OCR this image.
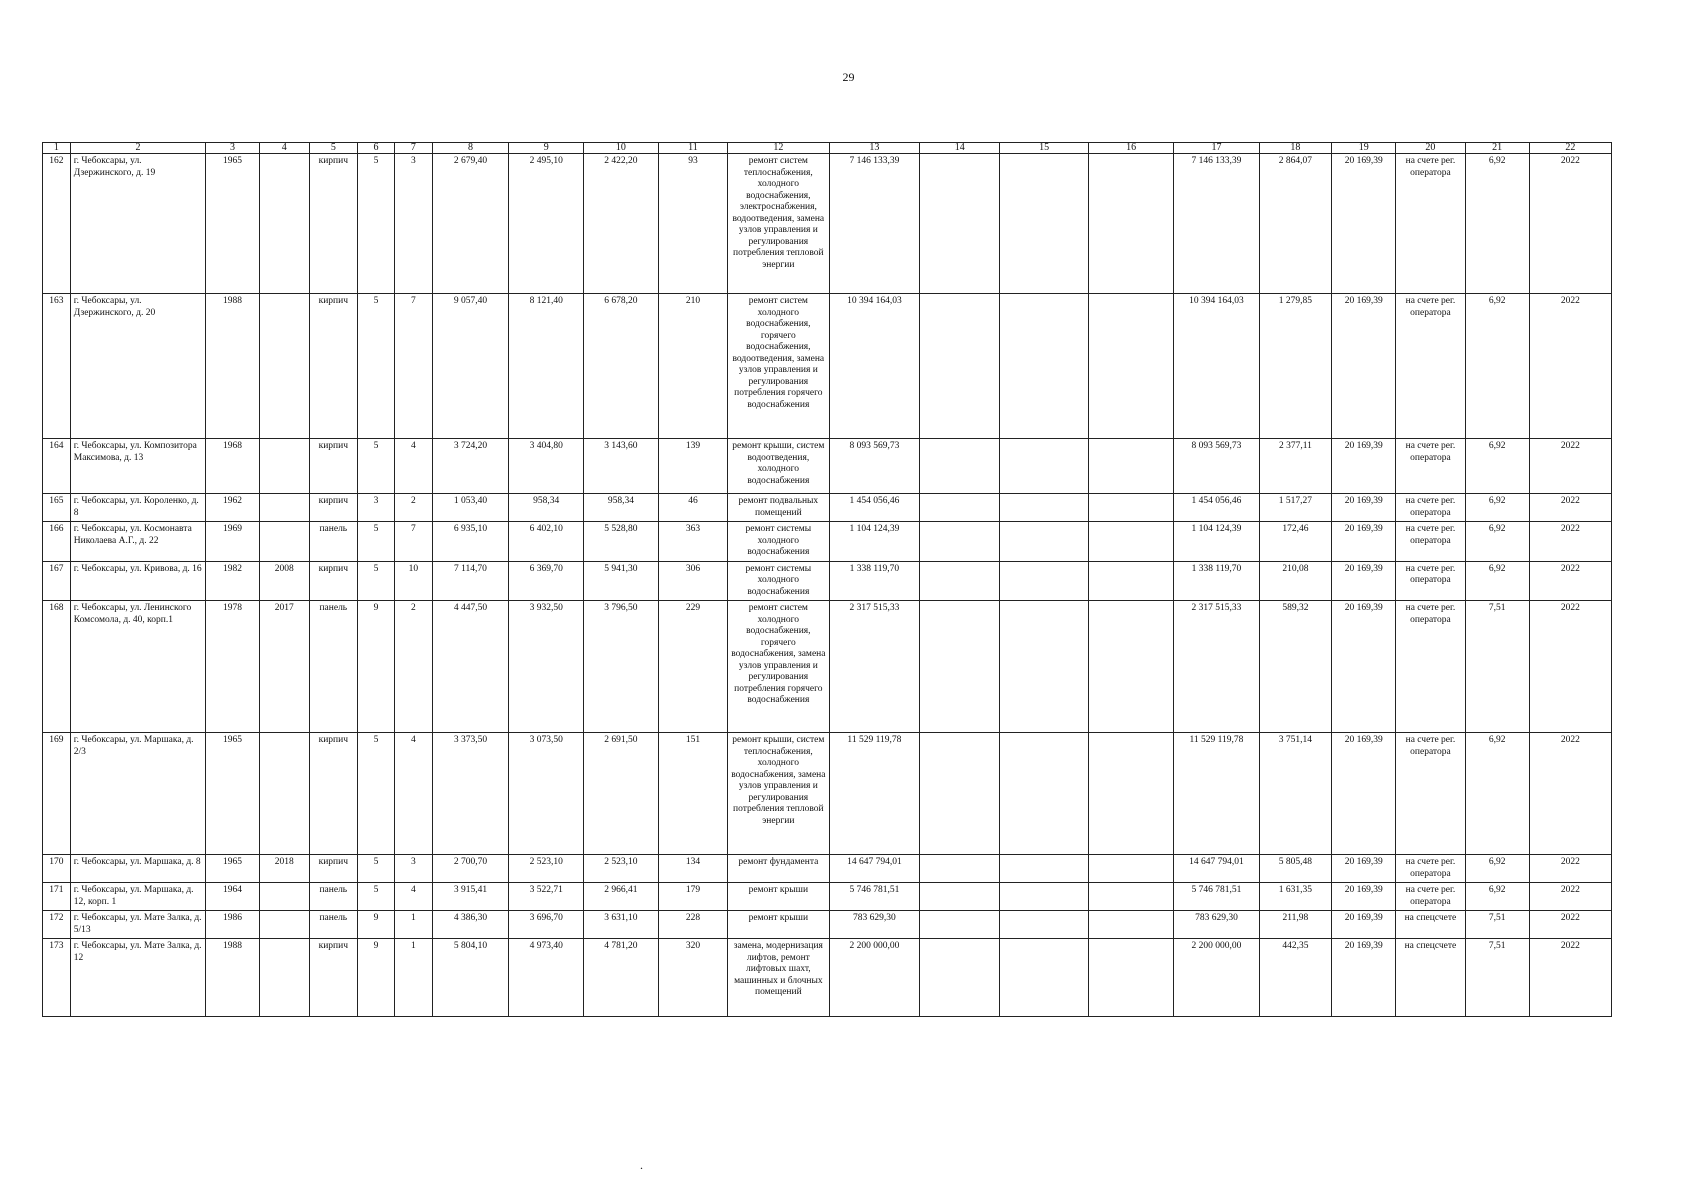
29
1	2	3	4	5	6	7	8	9	10	11	12	13	14	15	16	17	18	19	20	21	22
162	г. Чебоксары, ул. Дзержинского, д. 19	1965		кирпич	5	3	2 679,40	2 495,10	2 422,20	93	ремонт систем теплоснабжения, холодного водоснабжения, электроснабжения, водоотведения, замена узлов управления и регулирования потребления тепловой энергии	7 146 133,39				7 146 133,39	2 864,07	20 169,39	на счете рег. оператора	6,92	2022
163	г. Чебоксары, ул. Дзержинского, д. 20	1988		кирпич	5	7	9 057,40	8 121,40	6 678,20	210	ремонт систем холодного водоснабжения, горячего водоснабжения, водоотведения, замена узлов управления и регулирования потребления горячего водоснабжения	10 394 164,03				10 394 164,03	1 279,85	20 169,39	на счете рег. оператора	6,92	2022
164	г. Чебоксары, ул. Композитора Максимова, д. 13	1968		кирпич	5	4	3 724,20	3 404,80	3 143,60	139	ремонт крыши, систем водоотведения, холодного водоснабжения	8 093 569,73				8 093 569,73	2 377,11	20 169,39	на счете рег. оператора	6,92	2022
165	г. Чебоксары, ул. Короленко, д. 8	1962		кирпич	3	2	1 053,40	958,34	958,34	46	ремонт подвальных помещений	1 454 056,46				1 454 056,46	1 517,27	20 169,39	на счете рег. оператора	6,92	2022
166	г. Чебоксары, ул. Космонавта Николаева А.Г., д. 22	1969		панель	5	7	6 935,10	6 402,10	5 528,80	363	ремонт системы холодного водоснабжения	1 104 124,39				1 104 124,39	172,46	20 169,39	на счете рег. оператора	6,92	2022
167	г. Чебоксары, ул. Кривова, д. 16	1982	2008	кирпич	5	10	7 114,70	6 369,70	5 941,30	306	ремонт системы холодного водоснабжения	1 338 119,70				1 338 119,70	210,08	20 169,39	на счете рег. оператора	6,92	2022
168	г. Чебоксары, ул. Ленинского Комсомола, д. 40, корп.1	1978	2017	панель	9	2	4 447,50	3 932,50	3 796,50	229	ремонт систем холодного водоснабжения, горячего водоснабжения, замена узлов управления и регулирования потребления горячего водоснабжения	2 317 515,33				2 317 515,33	589,32	20 169,39	на счете рег. оператора	7,51	2022
169	г. Чебоксары, ул. Маршака, д. 2/3	1965		кирпич	5	4	3 373,50	3 073,50	2 691,50	151	ремонт крыши, систем теплоснабжения, холодного водоснабжения, замена узлов управления и регулирования потребления тепловой энергии	11 529 119,78				11 529 119,78	3 751,14	20 169,39	на счете рег. оператора	6,92	2022
170	г. Чебоксары, ул. Маршака, д. 8	1965	2018	кирпич	5	3	2 700,70	2 523,10	2 523,10	134	ремонт фундамента	14 647 794,01				14 647 794,01	5 805,48	20 169,39	на счете рег. оператора	6,92	2022
171	г. Чебоксары, ул. Маршака, д. 12, корп. 1	1964		панель	5	4	3 915,41	3 522,71	2 966,41	179	ремонт крыши	5 746 781,51				5 746 781,51	1 631,35	20 169,39	на счете рег. оператора	6,92	2022
172	г. Чебоксары, ул. Мате Залка, д. 5/13	1986		панель	9	1	4 386,30	3 696,70	3 631,10	228	ремонт крыши	783 629,30				783 629,30	211,98	20 169,39	на спецсчете	7,51	2022
173	г. Чебоксары, ул. Мате Залка, д. 12	1988		кирпич	9	1	5 804,10	4 973,40	4 781,20	320	замена, модернизация лифтов, ремонт лифтовых шахт, машинных и блочных помещений	2 200 000,00				2 200 000,00	442,35	20 169,39	на спецсчете	7,51	2022
.
